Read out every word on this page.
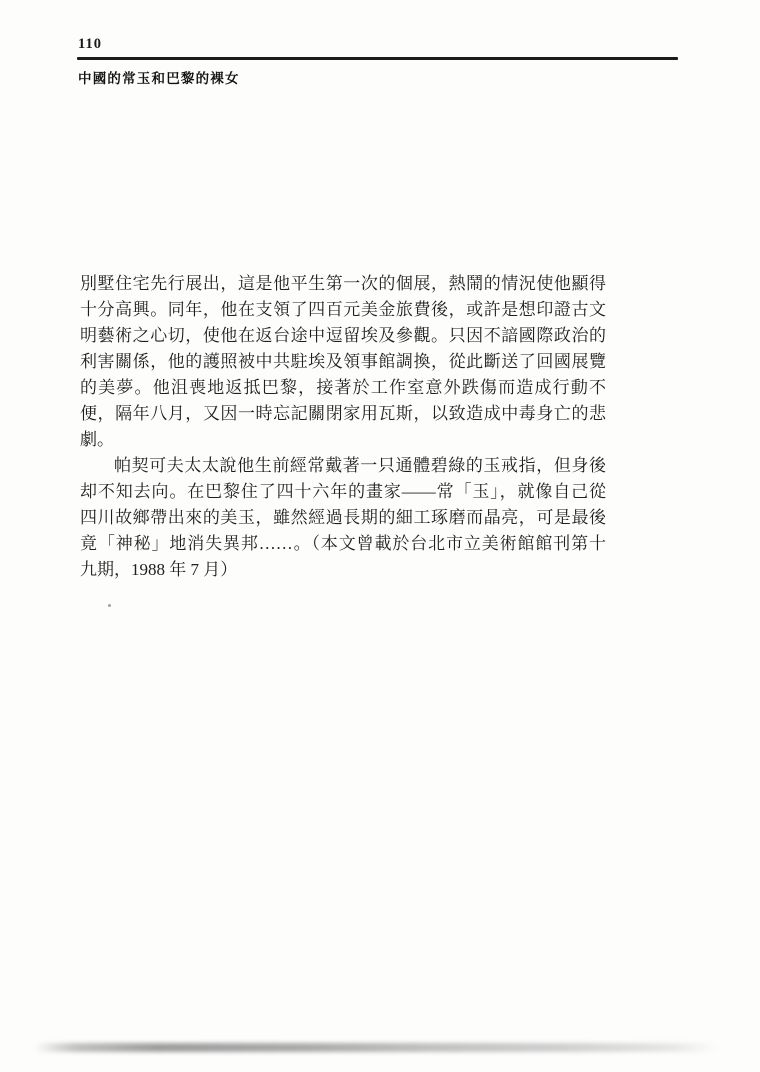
110
中國的常玉和巴黎的裸女
別墅住宅先行展出，這是他平生第一次的個展，熱鬧的情況使他顯得
十分高興。同年，他在支領了四百元美金旅費後，或許是想印證古文
明藝術之心切，使他在返台途中逗留埃及參觀。只因不諳國際政治的
利害關係，他的護照被中共駐埃及領事館調換，從此斷送了回國展覽
的美夢。他沮喪地返抵巴黎，接著於工作室意外跌傷而造成行動不
便，隔年八月，又因一時忘記關閉家用瓦斯，以致造成中毒身亡的悲
劇。
帕契可夫太太說他生前經常戴著一只通體碧綠的玉戒指，但身後
却不知去向。在巴黎住了四十六年的畫家——常「玉」，就像自己從
四川故鄉帶出來的美玉，雖然經過長期的細工琢磨而晶亮，可是最後
竟「神秘」地消失異邦……。（本文曾載於台北市立美術館館刊第十
九期，1988 年 7 月）
